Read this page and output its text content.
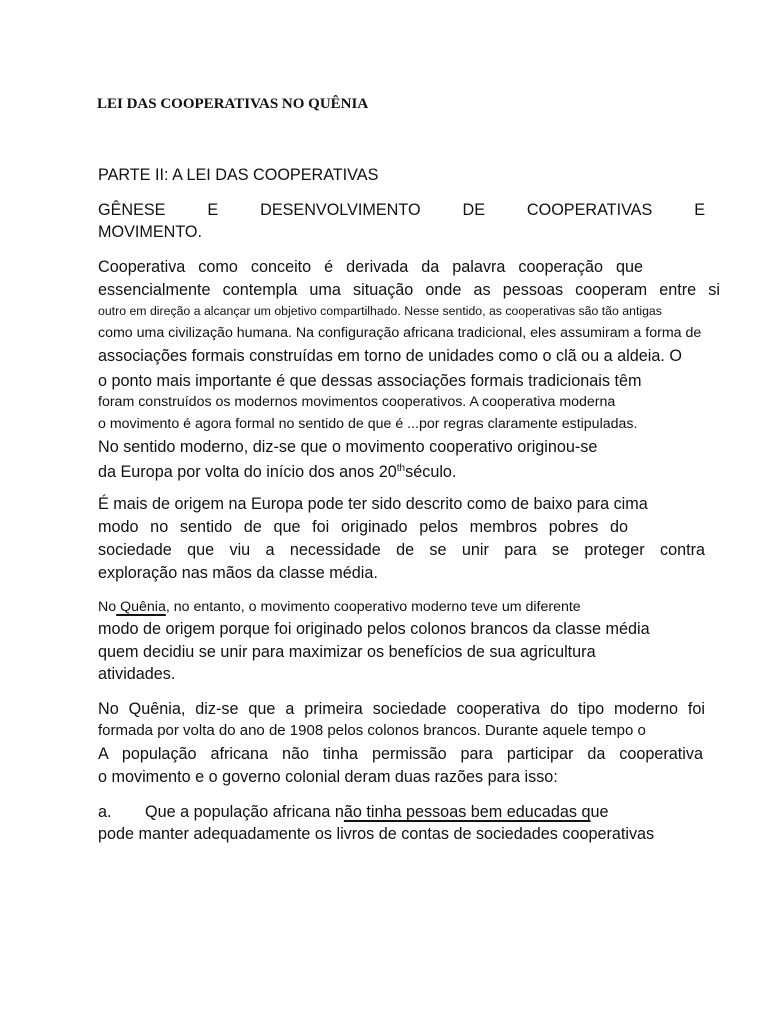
LEI DAS COOPERATIVAS NO QUÊNIA
PARTE II: A LEI DAS COOPERATIVAS
GÊNESE E DESENVOLVIMENTO DE COOPERATIVAS E
MOVIMENTO.
Cooperativa como conceito é derivada da palavra cooperação que
essencialmente contempla uma situação onde as pessoas cooperam entre si
outro em direção a alcançar um objetivo compartilhado. Nesse sentido, as cooperativas são tão antigas
como uma civilização humana. Na configuração africana tradicional, eles assumiram a forma de
associações formais construídas em torno de unidades como o clã ou a aldeia. O
o ponto mais importante é que dessas associações formais tradicionais têm
foram construídos os modernos movimentos cooperativos. A cooperativa moderna
o movimento é agora formal no sentido de que é ...por regras claramente estipuladas.
No sentido moderno, diz-se que o movimento cooperativo originou-se
da Europa por volta do início dos anos 20thséculo.
É mais de origem na Europa pode ter sido descrito como de baixo para cima
modo no sentido de que foi originado pelos membros pobres do
sociedade que viu a necessidade de se unir para se proteger contra
exploração nas mãos da classe média.
No Quênia, no entanto, o movimento cooperativo moderno teve um diferente
modo de origem porque foi originado pelos colonos brancos da classe média
quem decidiu se unir para maximizar os benefícios de sua agricultura
atividades.
No Quênia, diz-se que a primeira sociedade cooperativa do tipo moderno foi
formada por volta do ano de 1908 pelos colonos brancos. Durante aquele tempo o
A população africana não tinha permissão para participar da cooperativa
o movimento e o governo colonial deram duas razões para isso:
a. Que a população africana não tinha pessoas bem educadas que
pode manter adequadamente os livros de contas de sociedades cooperativas
